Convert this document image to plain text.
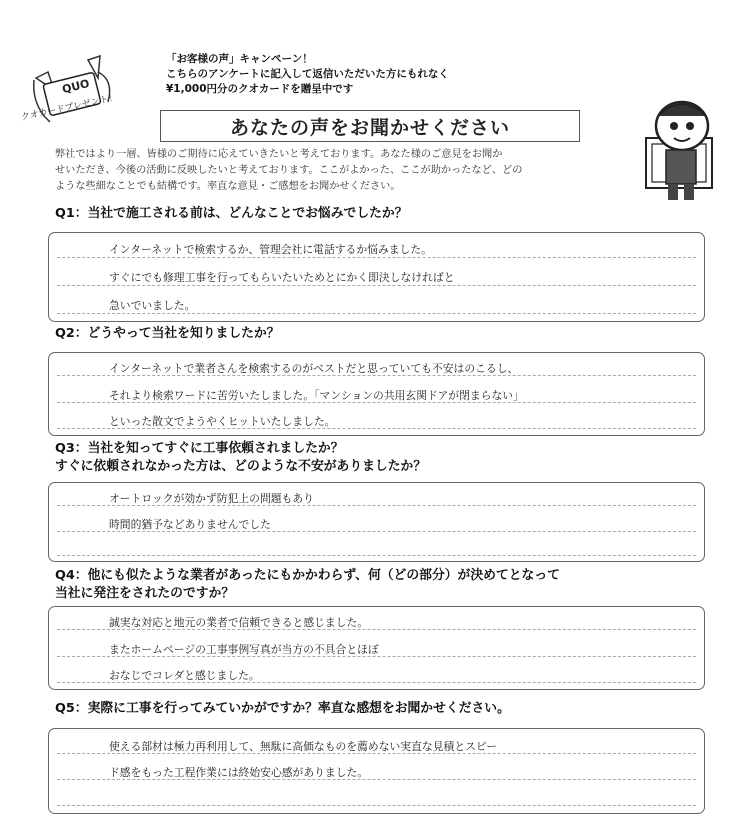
QUO
クオカードプレゼント！
「お客様の声」キャンペーン！
こちらのアンケートに記入して返信いただいた方にもれなく
¥1,000円分のクオカードを贈呈中です
あなたの声をお聞かせください
弊社ではより一層、皆様のご期待に応えていきたいと考えております。あなた様のご意見をお聞か
せいただき、今後の活動に反映したいと考えております。ここがよかった、ここが助かったなど、どの
ような些細なことでも結構です。率直な意見・ご感想をお聞かせください。
Q1：当社で施工される前は、どんなことでお悩みでしたか？
インターネットで検索するか、管理会社に電話するか悩みました。
すぐにでも修理工事を行ってもらいたいためとにかく即決しなければと
急いでいました。
Q2：どうやって当社を知りましたか？
インターネットで業者さんを検索するのがベストだと思っていても不安はのこるし、
それより検索ワードに苦労いたしました。「マンションの共用玄関ドアが閉まらない」
といった散文でようやくヒットいたしました。
Q3：当社を知ってすぐに工事依頼されましたか？
すぐに依頼されなかった方は、どのような不安がありましたか？
オートロックが効かず防犯上の問題もあり
時間的猶予などありませんでした
Q4：他にも似たような業者があったにもかかわらず、何（どの部分）が決めてとなって
当社に発注をされたのですか？
誠実な対応と地元の業者で信頼できると感じました。
またホームページの工事事例写真が当方の不具合とほぼ
おなじでコレダと感じました。
Q5：実際に工事を行ってみていかがですか？率直な感想をお聞かせください。
使える部材は極力再利用して、無駄に高価なものを薦めない実直な見積とスピー
ド感をもった工程作業には終始安心感がありました。
